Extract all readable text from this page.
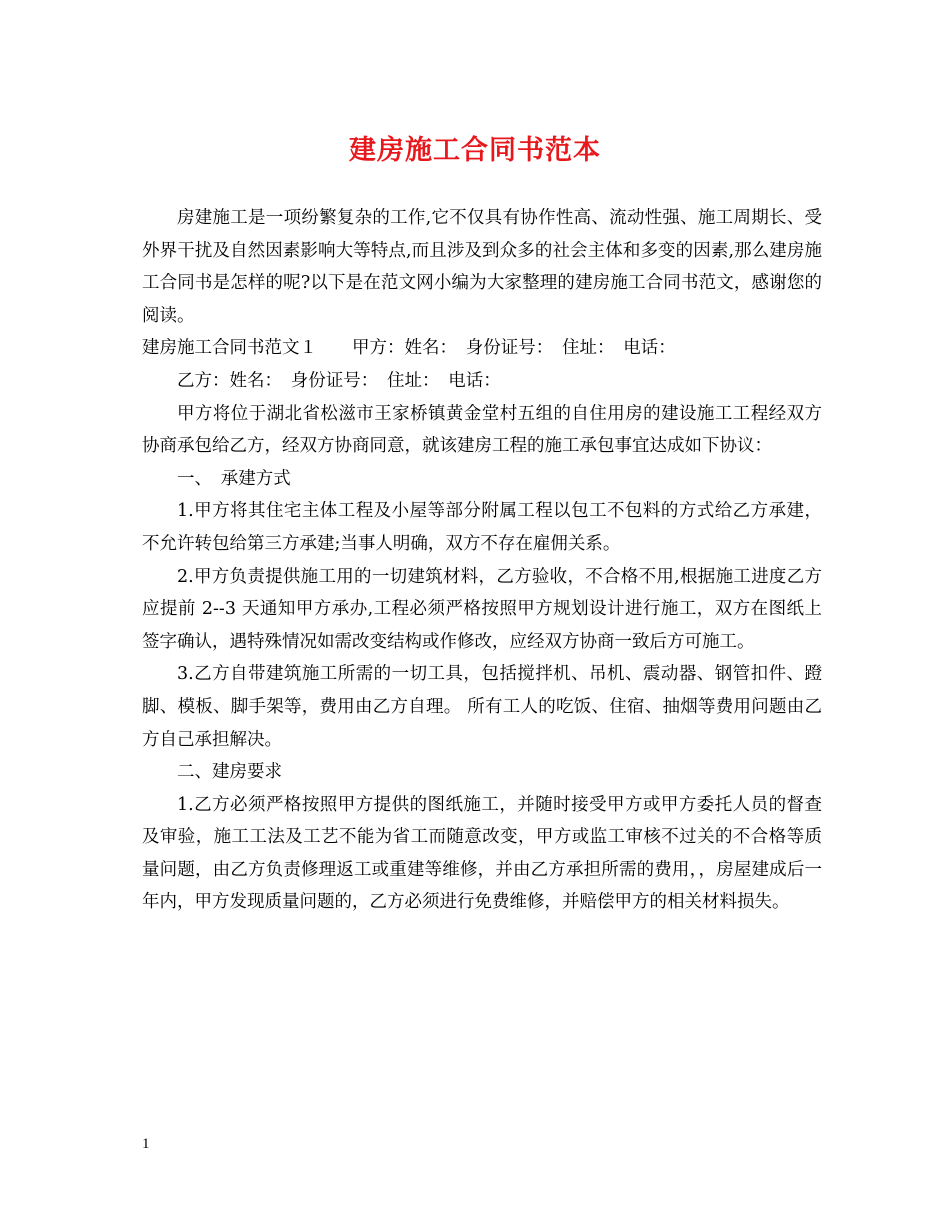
建房施工合同书范本

房建施工是一项纷繁复杂的工作,它不仅具有协作性高、流动性强、施工周期长、受外界干扰及自然因素影响大等特点,而且涉及到众多的社会主体和多变的因素,那么建房施工合同书是怎样的呢?以下是在范文网小编为大家整理的建房施工合同书范文，感谢您的阅读。

建房施工合同书范文１　　甲方：姓名：　身份证号：　住址：　电话：

乙方：姓名：　身份证号：　住址：　电话：

甲方将位于湖北省松滋市王家桥镇黄金堂村五组的自住用房的建设施工工程经双方协商承包给乙方，经双方协商同意，就该建房工程的施工承包事宜达成如下协议：

一、　承建方式

1.甲方将其住宅主体工程及小屋等部分附属工程以包工不包料的方式给乙方承建，不允许转包给第三方承建;当事人明确，双方不存在雇佣关系。

2.甲方负责提供施工用的一切建筑材料，乙方验收，不合格不用,根据施工进度乙方应提前 2--3 天通知甲方承办,工程必须严格按照甲方规划设计进行施工，双方在图纸上签字确认，遇特殊情况如需改变结构或作修改，应经双方协商一致后方可施工。

3.乙方自带建筑施工所需的一切工具，包括搅拌机、吊机、震动器、钢管扣件、蹬脚、模板、脚手架等，费用由乙方自理。 所有工人的吃饭、住宿、抽烟等费用问题由乙方自己承担解决。

二、建房要求

1.乙方必须严格按照甲方提供的图纸施工，并随时接受甲方或甲方委托人员的督查及审验，施工工法及工艺不能为省工而随意改变，甲方或监工审核不过关的不合格等质量问题，由乙方负责修理返工或重建等维修，并由乙方承担所需的费用，，房屋建成后一年内，甲方发现质量问题的，乙方必须进行免费维修，并赔偿甲方的相关材料损失。

1
